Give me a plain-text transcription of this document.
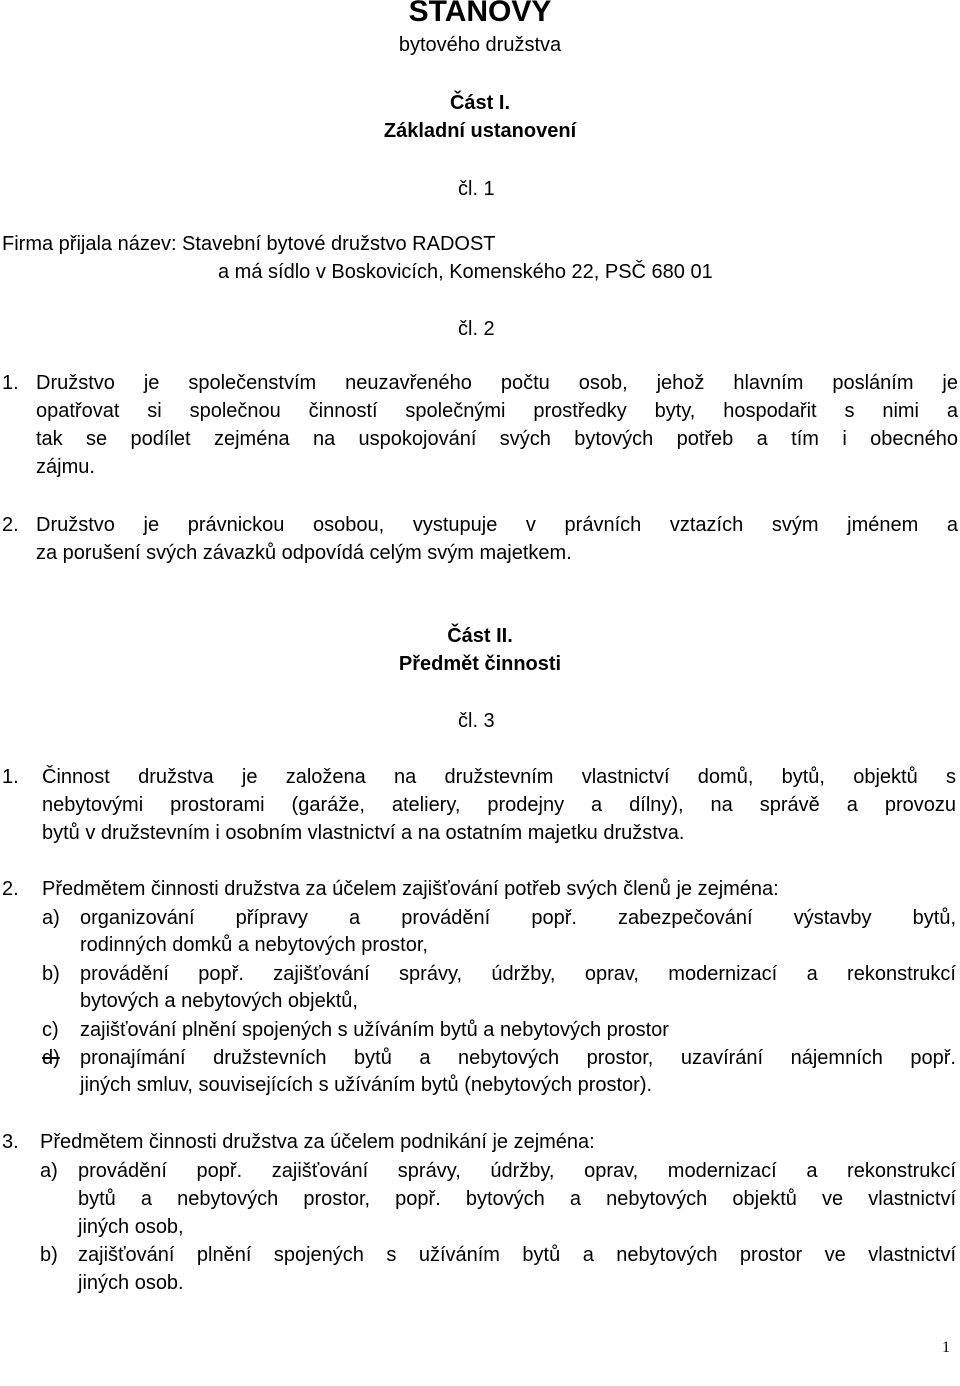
STANOVY
bytového družstva
Část I.
Základní ustanovení
čl. 1
Firma přijala název: Stavební bytové družstvo RADOST
a má sídlo v Boskovicích, Komenského 22, PSČ 680 01
čl. 2
1. Družstvo je společenstvím neuzavřeného počtu osob, jehož hlavním posláním je
opatřovat si společnou činností společnými prostředky byty, hospodařit s nimi a
tak se podílet zejména na uspokojování svých bytových potřeb a tím i obecného
zájmu.
2. Družstvo je právnickou osobou, vystupuje v právních vztazích svým jménem a
za porušení svých závazků odpovídá celým svým majetkem.
Část II.
Předmět činnosti
čl. 3
1. Činnost družstva je založena na družstevním vlastnictví domů, bytů, objektů s
nebytovými prostorami (garáže, ateliery, prodejny a dílny), na správě a provozu
bytů v družstevním i osobním vlastnictví a na ostatním majetku družstva.
2. Předmětem činnosti družstva za účelem zajišťování potřeb svých členů je zejména:
a) organizování přípravy a provádění popř. zabezpečování výstavby bytů,
rodinných domků a nebytových prostor,
b) provádění popř. zajišťování správy, údržby, oprav, modernizací a rekonstrukcí
bytových a nebytových objektů,
c) zajišťování plnění spojených s užíváním bytů a nebytových prostor
d) pronajímání družstevních bytů a nebytových prostor, uzavírání nájemních popř.
jiných smluv, souvisejících s užíváním bytů (nebytových prostor).
3. Předmětem činnosti družstva za účelem podnikání je zejména:
a) provádění popř. zajišťování správy, údržby, oprav, modernizací a rekonstrukcí
bytů a nebytových prostor, popř. bytových a nebytových objektů ve vlastnictví
jiných osob,
b) zajišťování plnění spojených s užíváním bytů a nebytových prostor ve vlastnictví
jiných osob.
1
